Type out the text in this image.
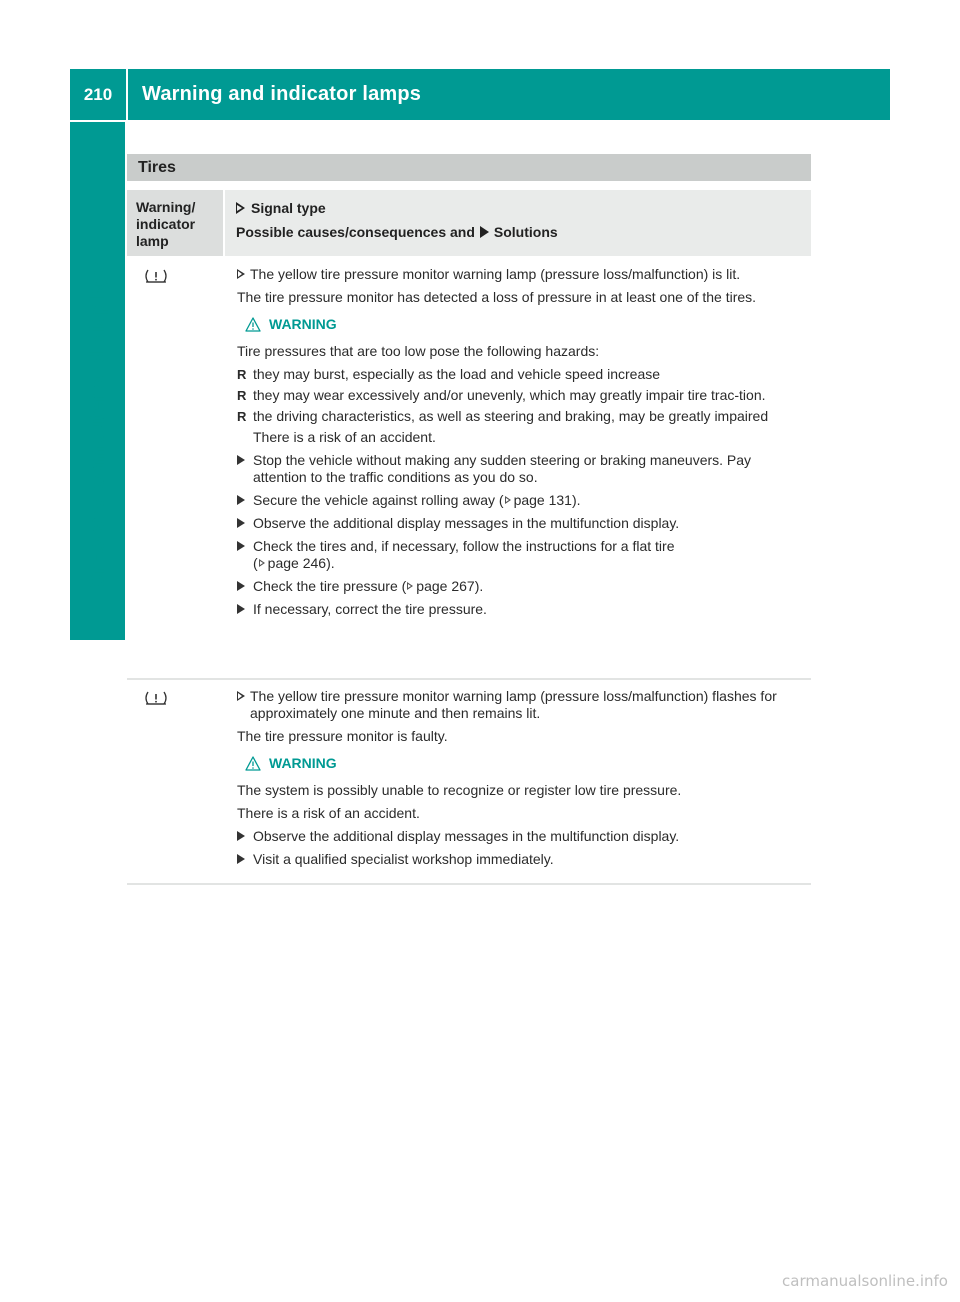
210	Warning and indicator lamps
On-board computer and displays
Tires
Warning/
indicator
lamp
Signal type
Possible causes/consequences and Solutions
The yellow tire pressure monitor warning lamp (pressure loss/malfunction) is lit.
The tire pressure monitor has detected a loss of pressure in at least one of the tires.
WARNING
Tire pressures that are too low pose the following hazards:
R they may burst, especially as the load and vehicle speed increase
R they may wear excessively and/or unevenly, which may greatly impair tire trac-tion.
R the driving characteristics, as well as steering and braking, may be greatly impaired
There is a risk of an accident.
Stop the vehicle without making any sudden steering or braking maneuvers. Pay attention to the traffic conditions as you do so.
Secure the vehicle against rolling away ( page 131).
Observe the additional display messages in the multifunction display.
Check the tires and, if necessary, follow the instructions for a flat tire
( page 246).
Check the tire pressure ( page 267).
If necessary, correct the tire pressure.
The yellow tire pressure monitor warning lamp (pressure loss/malfunction) flashes for approximately one minute and then remains lit.
The tire pressure monitor is faulty.
WARNING
The system is possibly unable to recognize or register low tire pressure.
There is a risk of an accident.
Observe the additional display messages in the multifunction display.
Visit a qualified specialist workshop immediately.
carmanualsonline.info
